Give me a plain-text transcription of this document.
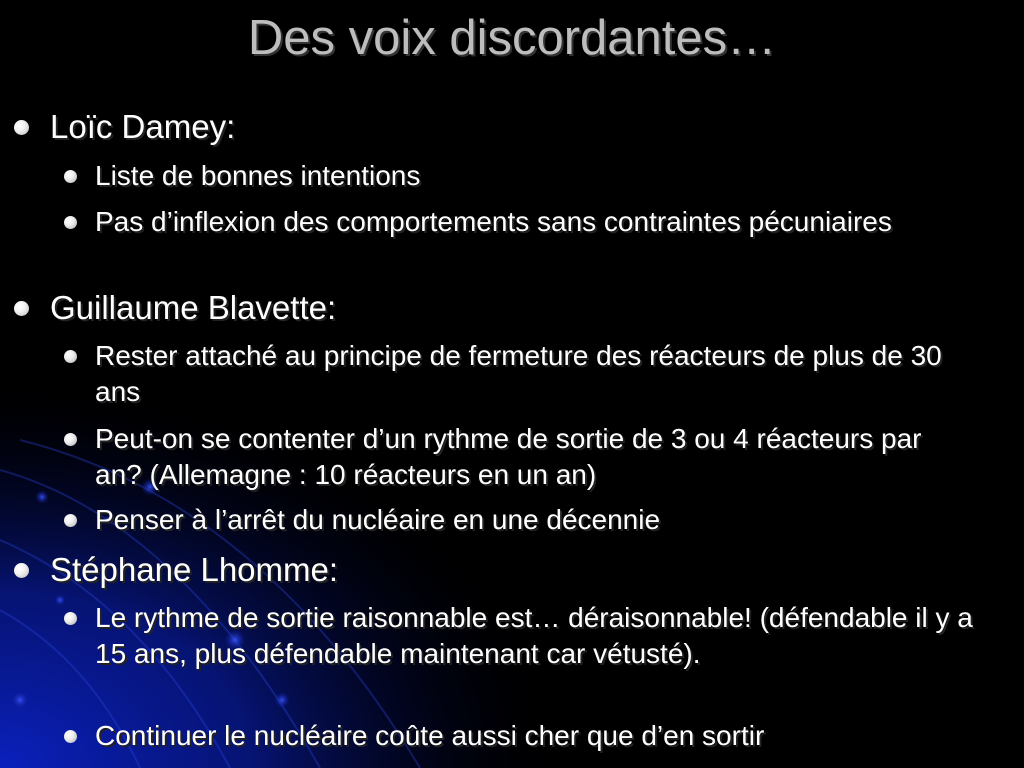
Des voix discordantes…
Loïc Damey:
Liste de bonnes intentions
Pas d’inflexion des comportements sans contraintes pécuniaires
Guillaume Blavette:
Rester attaché au principe de fermeture des réacteurs de plus de 30 ans
Peut-on se contenter d’un rythme de sortie de 3 ou 4 réacteurs par an? (Allemagne : 10 réacteurs en un an)
Penser à l’arrêt du nucléaire en une décennie
Stéphane Lhomme:
Le rythme de sortie raisonnable est… déraisonnable! (défendable il y a 15 ans, plus défendable maintenant car vétusté).
Continuer le nucléaire coûte aussi cher que d’en sortir
